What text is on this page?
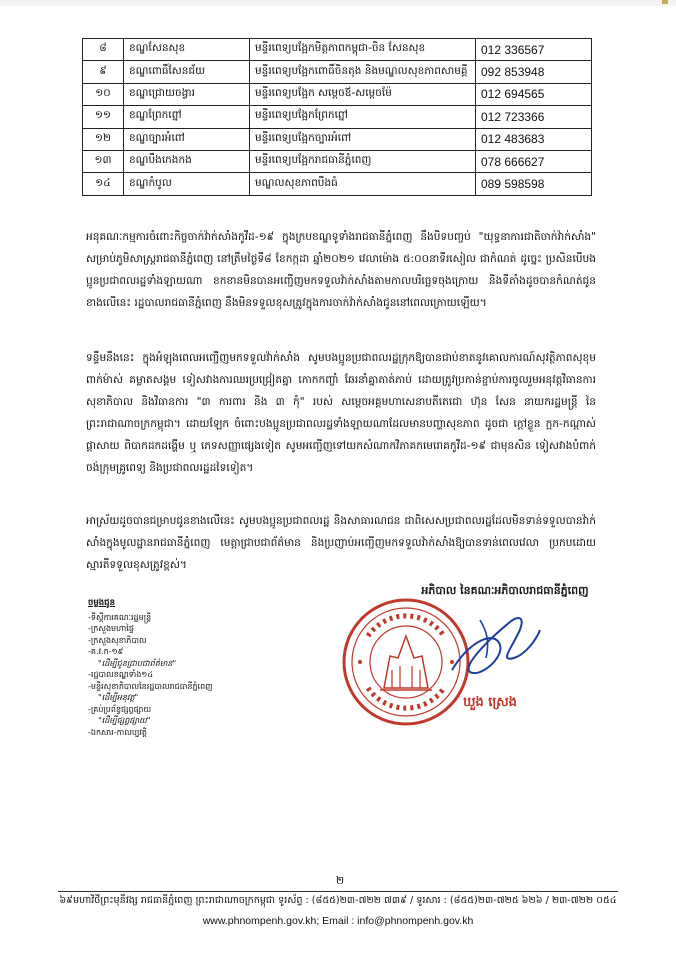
៨	ខណ្ឌសែនសុខ	មន្ទីរពេទ្យបង្អែកមិត្តភាពកម្ពុជា-ចិន សែនសុខ	012 336567
៩	ខណ្ឌពោធិ៍សែនជ័យ	មន្ទីរពេទ្យបង្អែកពោធិ៍ចិនតុង និងមណ្ឌលសុខភាពសាមគ្គី	092 853948
១០	ខណ្ឌជ្រោយចង្វារ	មន្ទីរពេទ្យបង្អែក សម្ដេចឪ-សម្ដេចម៉ែ	012 694565
១១	ខណ្ឌព្រែកព្នៅ	មន្ទីរពេទ្យបង្អែកព្រែកព្នៅ	012 723366
១២	ខណ្ឌច្បារអំពៅ	មន្ទីរពេទ្យបង្អែកច្បារអំពៅ	012 483683
១៣	ខណ្ឌបឹងកេងកង	មន្ទីរពេទ្យបង្អែករាជធានីភ្នំពេញ	078 666627
១៤	ខណ្ឌកំបូល	មណ្ឌលសុខភាពបឹងធំ	089 598598
អនុគណៈកម្មការចំពោះកិច្ចចាក់វ៉ាក់សាំងកូវីដ-១៩ ក្នុងក្របខណ្ឌទូទាំងរាជធានីភ្នំពេញ នឹងបិទបញ្ចប់ "យុទ្ធនាការជាតិចាក់វ៉ាក់សាំង" សម្រាប់ភូមិសាស្ត្ររាជធានីភ្នំពេញ នៅត្រឹមថ្ងៃទី៨ ខែកក្កដា ឆ្នាំ២០២១ វេលាម៉ោង ៥:០០នាទីរសៀល ជាកំណត់ ដូច្នេះ ប្រសិនបើបងប្អូនប្រជាពលរដ្ឋទាំងឡាយណា ខកខានមិនបានអញ្ជើញមកទទួលវ៉ាក់សាំងតាមកាលបរិច្ឆេទចុងក្រោយ និងទីតាំងដូចបានកំណត់ជូនខាងលើនេះ រដ្ឋបាលរាជធានីភ្នំពេញ នឹងមិនទទួលខុសត្រូវក្នុងការចាក់វ៉ាក់សាំងជូននៅពេលក្រោយឡើយ។
ទន្ទឹមនឹងនេះ ក្នុងអំឡុងពេលអញ្ជើញមកទទួលវ៉ាក់សាំង សូមបងប្អូនប្រជាពលរដ្ឋក្រុកឱ្យបានជាប់ខាតនូវគោលការណ៍សុវត្ថិភាពសុខុម ពាក់ម៉ាស់ គម្លាតសង្គម ទៀសវាងការឈរប្រជ្រៀតគ្នា កោកកញ្ចាំ ឆែរនាំគ្នាតាត់ភាប់ ដោយត្រូវប្រកាន់ខ្ជាប់ការចូលរួមអនុវត្តវិធានការសុខាភិបាល និងវិធានការ "៣ ការពារ និង ៣ កុំ" របស់ សម្ដេចអគ្គមហាសេនាបតីតេជោ ហ៊ុន សែន នាយករដ្ឋមន្ត្រី នៃព្រះរាជាណាចក្រកម្ពុជា។ ដោយឡែក ចំពោះបងប្អូនប្រជាពលរដ្ឋទាំងឡាយណាដែលមានបញ្ហាសុខភាព ដូចជា ក្ដៅខ្លួន ក្អក-កណ្ដាស់ ផ្ដាសាយ ពិបាកដកដង្ហើម ឬ ភេទសញ្ញាផ្សេងទៀត សូមអញ្ជើញទៅយកសំណាកវិភាគកមេរោគកូវីដ-១៩ ជាមុនសិន ទៀសវាងបំពាក់ចង់ក្រុមគ្រូពេទ្យ និងប្រជាពលរដ្ឋដទៃទៀត។
អាស្រ័យដូចបានជម្រាបជូនខាងលើនេះ សូមបងប្អូនប្រជាពលរដ្ឋ និងសាធារណជន ជាពិសេសប្រជាពលរដ្ឋដែលមិនទាន់ទទួលបានវ៉ាក់សាំងក្នុងមូលដ្ឋានរាជធានីភ្នំពេញ មេត្តាជ្រាបជាព័ត៌មាន និងប្រញាប់អញ្ជើញមកទទួលវ៉ាក់សាំងឱ្យបានទាន់ពេលវេលា ប្រកបដោយស្មារតីទទួលខុសត្រូវខ្ពស់។
ចម្លងជូន
-ទីស្ដីការគណៈរដ្ឋមន្ត្រី
-ក្រសួងមហាផ្ទៃ
-ក្រសួងសុខាភិបាល
-គ.វ.ក-១៩
"ដើម្បីជូនជ្រាបជាព័ត៌មាន"
-រដ្ឋបាលខណ្ឌទាំង១៤
-មន្ទីរសុខាភិបាលនៃរដ្ឋបាលរាជធានីភ្នំពេញ
"ដើម្បីអនុវត្ត"
-គ្រប់ប្រព័ន្ធផ្សព្វផ្សាយ
"ដើម្បីផ្សព្វផ្សាយ"
-ឯកសារ-កាលប្បវត្តិ
អភិបាល នៃគណៈអភិបាលរាជធានីភ្នំពេញ
ឃួង ស្រេង
២
៦៩មហាវិថីព្រះមុនីវង្ស រាជធានីភ្នំពេញ ព្រះរាជាណាចក្រកម្ពុជា ទូរស័ព្ទ : (៨៥៥)២៣-៧២២ ៧៣៩ / ទូរសារ : (៨៥៥)២៣-៧២៥ ៦២៦ / ២៣-៧២២ ០៥៤
www.phnompenh.gov.kh; Email : info@phnompenh.gov.kh
